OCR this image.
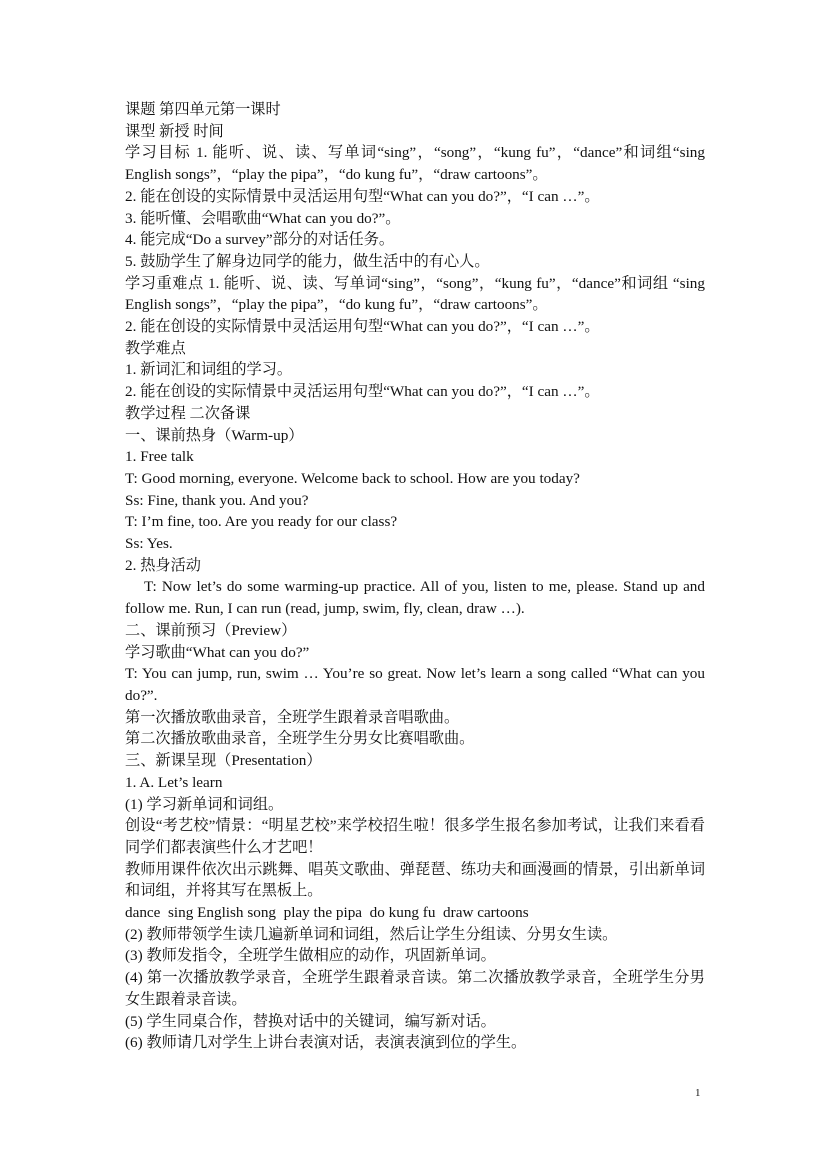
课题 第四单元第一课时

课型 新授 时间

学习目标 1. 能听、说、读、写单词“sing”，“song”，“kung fu”，“dance”和词组“sing English songs”，“play the pipa”，“do kung fu”，“draw cartoons”。

2. 能在创设的实际情景中灵活运用句型“What can you do?”，“I can …”。

3. 能听懂、会唱歌曲“What can you do?”。

4. 能完成“Do a survey”部分的对话任务。

5. 鼓励学生了解身边同学的能力，做生活中的有心人。

学习重难点 1. 能听、说、读、写单词“sing”，“song”，“kung fu”，“dance”和词组 “sing English songs”，“play the pipa”，“do kung fu”，“draw cartoons”。

2. 能在创设的实际情景中灵活运用句型“What can you do?”，“I can …”。

教学难点

1. 新词汇和词组的学习。

2. 能在创设的实际情景中灵活运用句型“What can you do?”，“I can …”。

教学过程 二次备课

一、课前热身（Warm-up）

1. Free talk

T: Good morning, everyone. Welcome back to school. How are you today?

Ss: Fine, thank you. And you?

T: I’m fine, too. Are you ready for our class?

Ss: Yes.

2. 热身活动

T: Now let’s do some warming-up practice. All of you, listen to me, please. Stand up and follow me. Run, I can run (read, jump, swim, fly, clean, draw …).

二、课前预习（Preview）

学习歌曲“What can you do?”

T: You can jump, run, swim … You’re so great. Now let’s learn a song called “What can you do?”.

第一次播放歌曲录音，全班学生跟着录音唱歌曲。

第二次播放歌曲录音，全班学生分男女比赛唱歌曲。

三、新课呈现（Presentation）

1. A. Let’s learn

(1) 学习新单词和词组。

创设“考艺校”情景：“明星艺校”来学校招生啦！很多学生报名参加考试，让我们来看看同学们都表演些什么才艺吧！

教师用课件依次出示跳舞、唱英文歌曲、弹琵琶、练功夫和画漫画的情景，引出新单词和词组，并将其写在黑板上。

dance  sing English song  play the pipa  do kung fu  draw cartoons

(2) 教师带领学生读几遍新单词和词组，然后让学生分组读、分男女生读。

(3) 教师发指令，全班学生做相应的动作，巩固新单词。

(4) 第一次播放教学录音，全班学生跟着录音读。第二次播放教学录音，全班学生分男女生跟着录音读。

(5) 学生同桌合作，替换对话中的关键词，编写新对话。

(6) 教师请几对学生上讲台表演对话，表演表演到位的学生。

1
